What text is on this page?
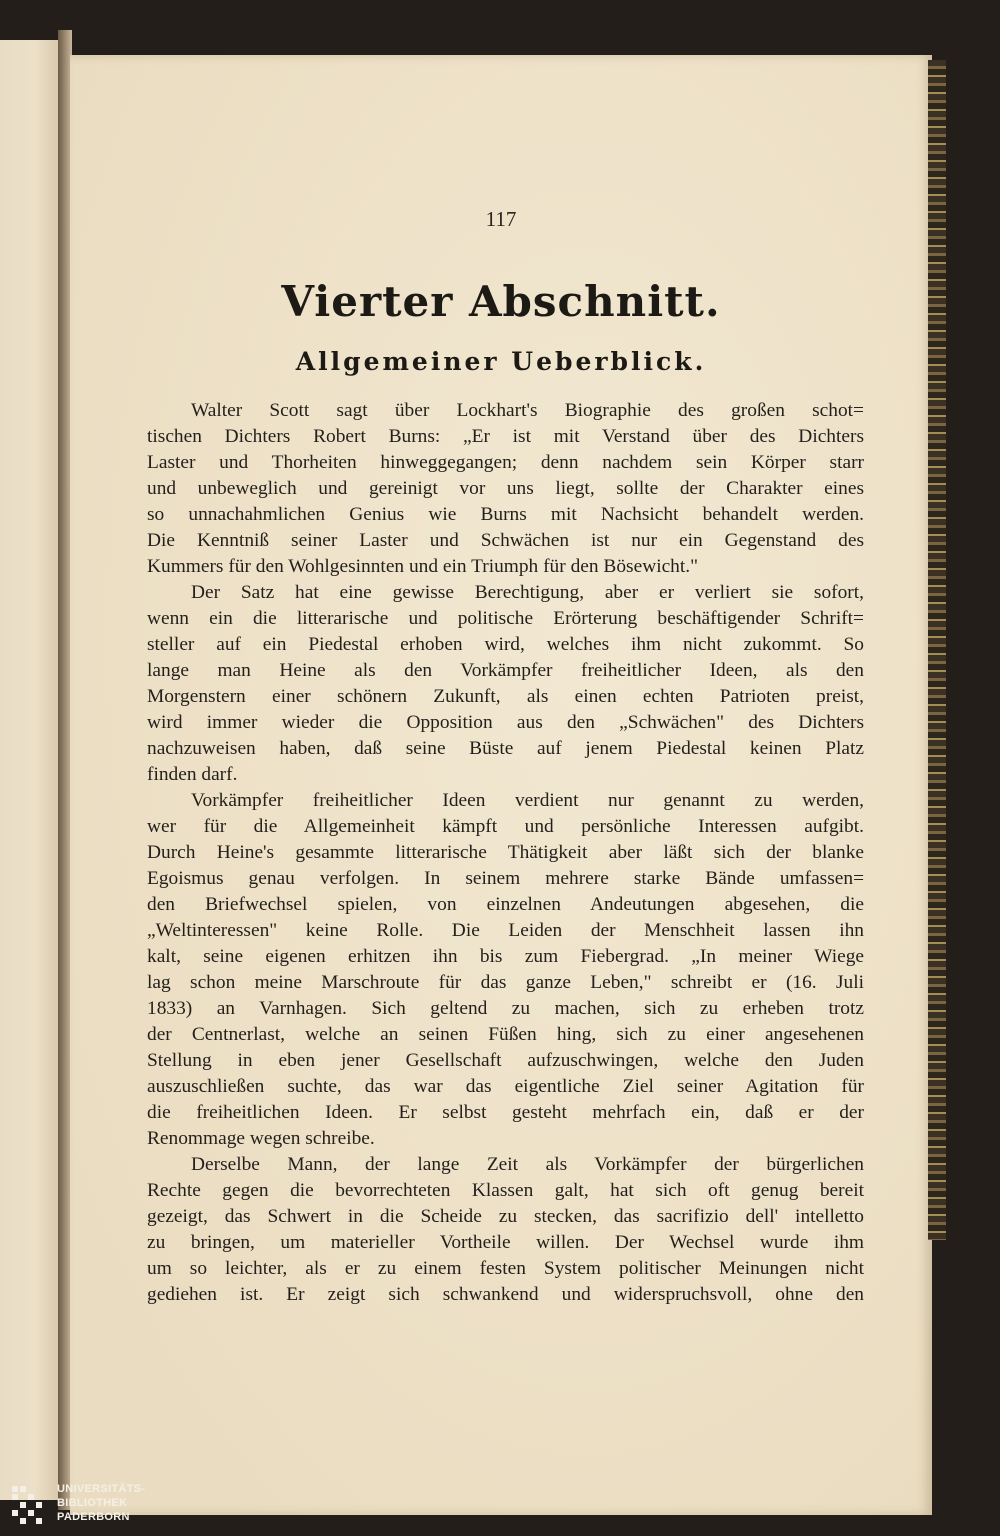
117
Vierter Abschnitt.
Allgemeiner Ueberblick.
Walter Scott sagt über Lockhart's Biographie des großen schot=
tischen Dichters Robert Burns: „Er ist mit Verstand über des Dichters
Laster und Thorheiten hinweggegangen; denn nachdem sein Körper starr
und unbeweglich und gereinigt vor uns liegt, sollte der Charakter eines
so unnachahmlichen Genius wie Burns mit Nachsicht behandelt werden.
Die Kenntniß seiner Laster und Schwächen ist nur ein Gegenstand des
Kummers für den Wohlgesinnten und ein Triumph für den Bösewicht."
Der Satz hat eine gewisse Berechtigung, aber er verliert sie sofort,
wenn ein die litterarische und politische Erörterung beschäftigender Schrift=
steller auf ein Piedestal erhoben wird, welches ihm nicht zukommt. So
lange man Heine als den Vorkämpfer freiheitlicher Ideen, als den
Morgenstern einer schönern Zukunft, als einen echten Patrioten preist,
wird immer wieder die Opposition aus den „Schwächen" des Dichters
nachzuweisen haben, daß seine Büste auf jenem Piedestal keinen Platz
finden darf.
Vorkämpfer freiheitlicher Ideen verdient nur genannt zu werden,
wer für die Allgemeinheit kämpft und persönliche Interessen aufgibt.
Durch Heine's gesammte litterarische Thätigkeit aber läßt sich der blanke
Egoismus genau verfolgen. In seinem mehrere starke Bände umfassen=
den Briefwechsel spielen, von einzelnen Andeutungen abgesehen, die
„Weltinteressen" keine Rolle. Die Leiden der Menschheit lassen ihn
kalt, seine eigenen erhitzen ihn bis zum Fiebergrad. „In meiner Wiege
lag schon meine Marschroute für das ganze Leben," schreibt er (16. Juli
1833) an Varnhagen. Sich geltend zu machen, sich zu erheben trotz
der Centnerlast, welche an seinen Füßen hing, sich zu einer angesehenen
Stellung in eben jener Gesellschaft aufzuschwingen, welche den Juden
auszuschließen suchte, das war das eigentliche Ziel seiner Agitation für
die freiheitlichen Ideen. Er selbst gesteht mehrfach ein, daß er der
Renommage wegen schreibe.
Derselbe Mann, der lange Zeit als Vorkämpfer der bürgerlichen
Rechte gegen die bevorrechteten Klassen galt, hat sich oft genug bereit
gezeigt, das Schwert in die Scheide zu stecken, das sacrifizio dell' intelletto
zu bringen, um materieller Vortheile willen. Der Wechsel wurde ihm
um so leichter, als er zu einem festen System politischer Meinungen nicht
gediehen ist. Er zeigt sich schwankend und widerspruchsvoll, ohne den
UNIVERSITÄTS-
BIBLIOTHEK
PADERBORN
